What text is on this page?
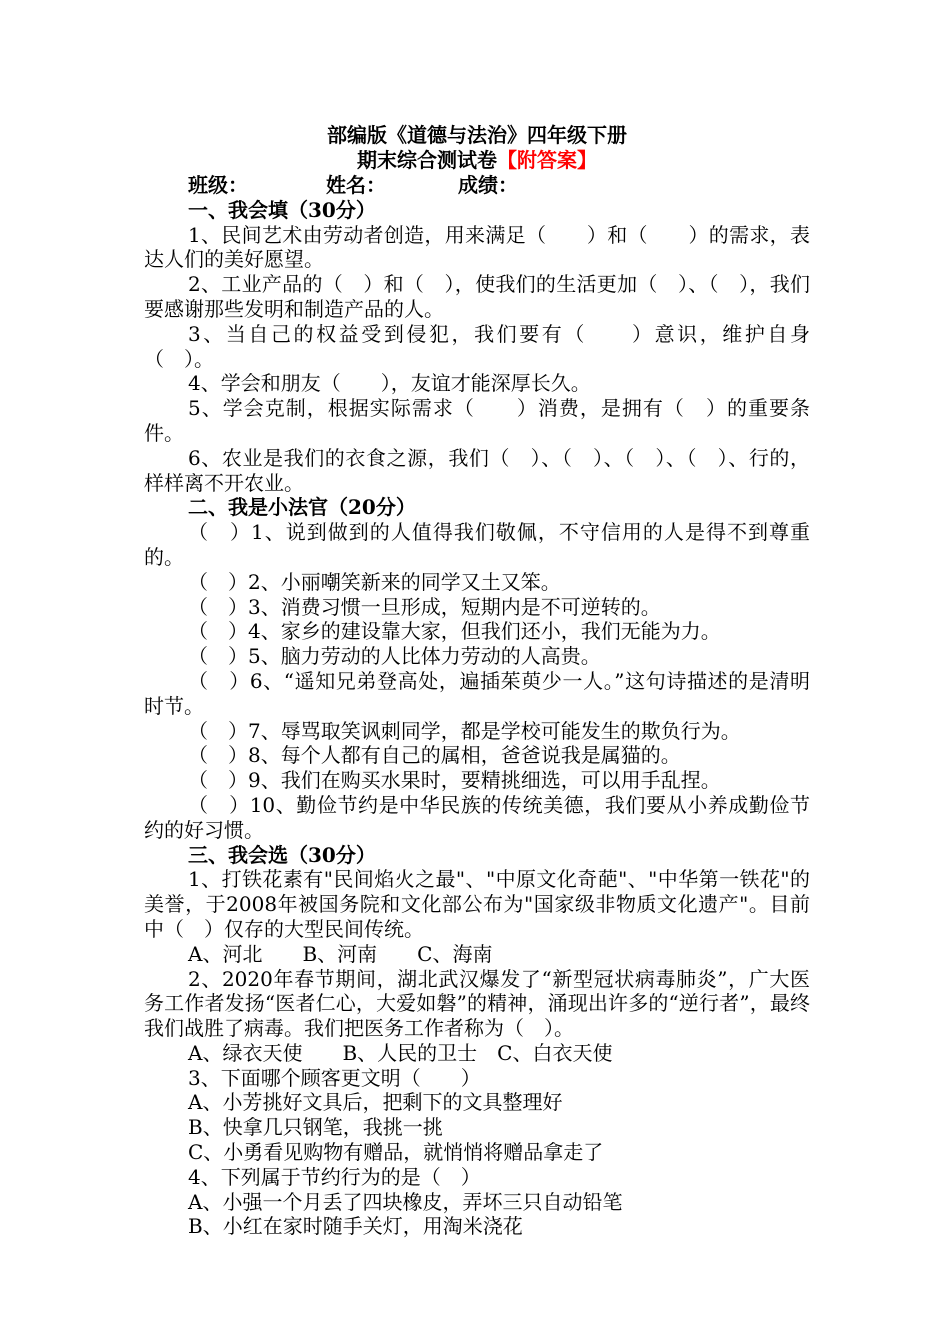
部编版《道德与法治》四年级下册
期末综合测试卷【附答案】
班级：	姓名：	成绩：

一、我会填（30分）

1、民间艺术由劳动者创造，用来满足（　　）和（　　）的需求，表达人们的美好愿望。

2、工业产品的（　）和（　），使我们的生活更加（　）、（　），我们要感谢那些发明和制造产品的人。

3、当自己的权益受到侵犯，我们要有（　　）意识，维护自身（　）。

4、学会和朋友（　　），友谊才能深厚长久。

5、学会克制，根据实际需求（　　）消费，是拥有（　）的重要条件。

6、农业是我们的衣食之源，我们（　）、（　）、（　）、（　）、行的，样样离不开农业。

二、我是小法官（20分）

（　）1、说到做到的人值得我们敬佩，不守信用的人是得不到尊重的。

（　）2、小丽嘲笑新来的同学又土又笨。

（　）3、消费习惯一旦形成，短期内是不可逆转的。

（　）4、家乡的建设靠大家，但我们还小，我们无能为力。

（　）5、脑力劳动的人比体力劳动的人高贵。

（　）6、“遥知兄弟登高处，遍插茱萸少一人。”这句诗描述的是清明时节。

（　）7、辱骂取笑讽刺同学，都是学校可能发生的欺负行为。

（　）8、每个人都有自己的属相，爸爸说我是属猫的。

（　）9、我们在购买水果时，要精挑细选，可以用手乱捏。

（　）10、勤俭节约是中华民族的传统美德，我们要从小养成勤俭节约的好习惯。

三、我会选（30分）

1、打铁花素有"民间焰火之最"、"中原文化奇葩"、"中华第一铁花"的美誉，于2008年被国务院和文化部公布为"国家级非物质文化遗产"。目前中（　）仅存的大型民间传统。

A、河北　　B、河南　　C、海南

2、2020年春节期间，湖北武汉爆发了“新型冠状病毒肺炎”，广大医务工作者发扬“医者仁心，大爱如磐”的精神，涌现出许多的“逆行者”，最终我们战胜了病毒。我们把医务工作者称为（　）。

A、绿衣天使　　B、人民的卫士　C、白衣天使

3、下面哪个顾客更文明（　　）

A、小芳挑好文具后，把剩下的文具整理好

B、快拿几只钢笔，我挑一挑

C、小勇看见购物有赠品，就悄悄将赠品拿走了

4、下列属于节约行为的是（　）

A、小强一个月丢了四块橡皮，弄坏三只自动铅笔

B、小红在家时随手关灯，用淘米浇花
